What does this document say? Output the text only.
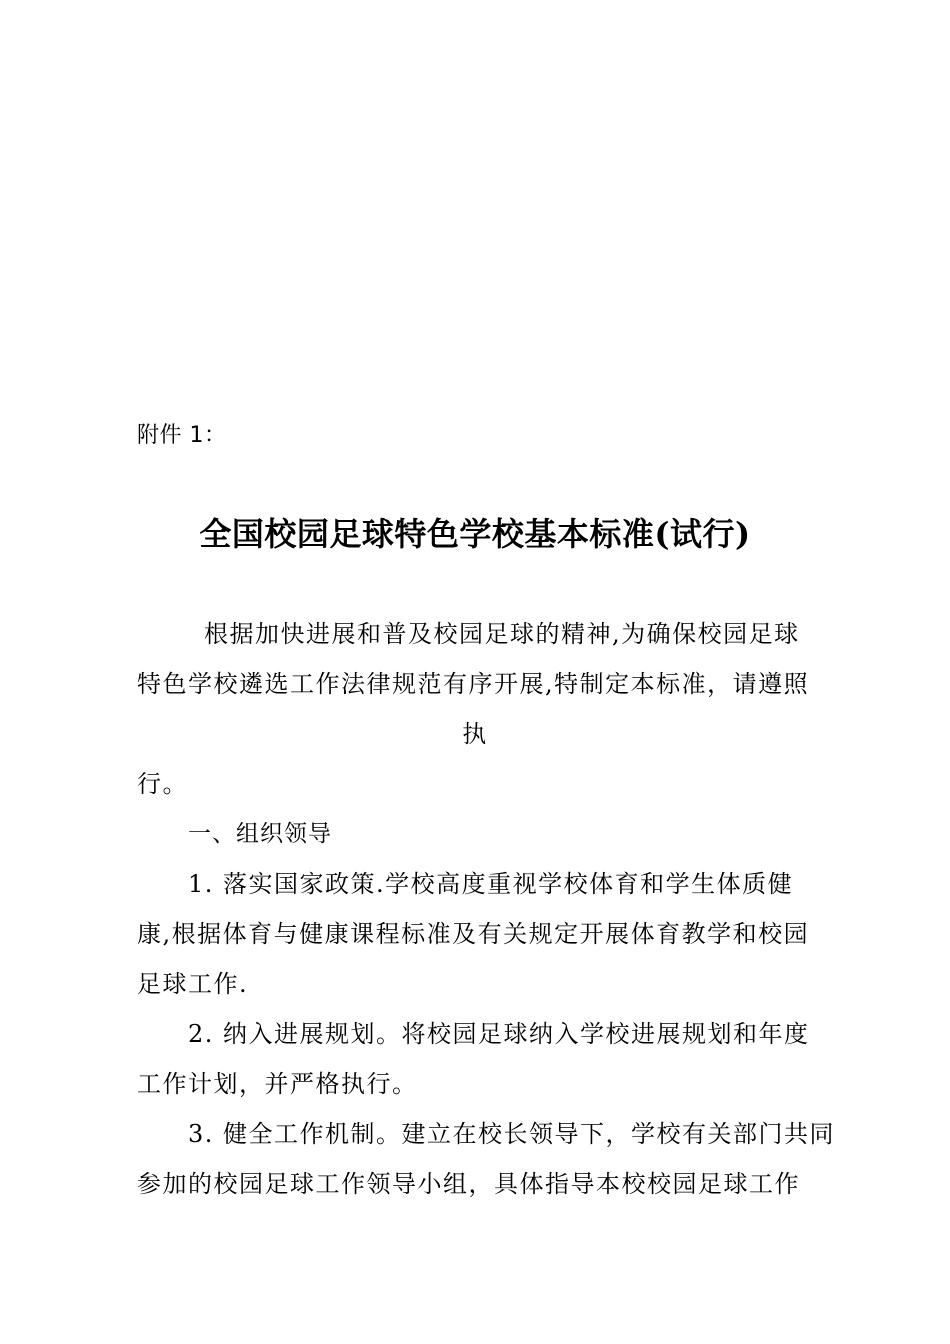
附件 1：
全国校园足球特色学校基本标准(试行)
根据加快进展和普及校园足球的精神,为确保校园足球
特色学校遴选工作法律规范有序开展,特制定本标准，请遵照
执
行。
一、组织领导
1. 落实国家政策.学校高度重视学校体育和学生体质健
康,根据体育与健康课程标准及有关规定开展体育教学和校园
足球工作.
2. 纳入进展规划。将校园足球纳入学校进展规划和年度
工作计划，并严格执行。
3. 健全工作机制。建立在校长领导下，学校有关部门共同
参加的校园足球工作领导小组，具体指导本校校园足球工作
